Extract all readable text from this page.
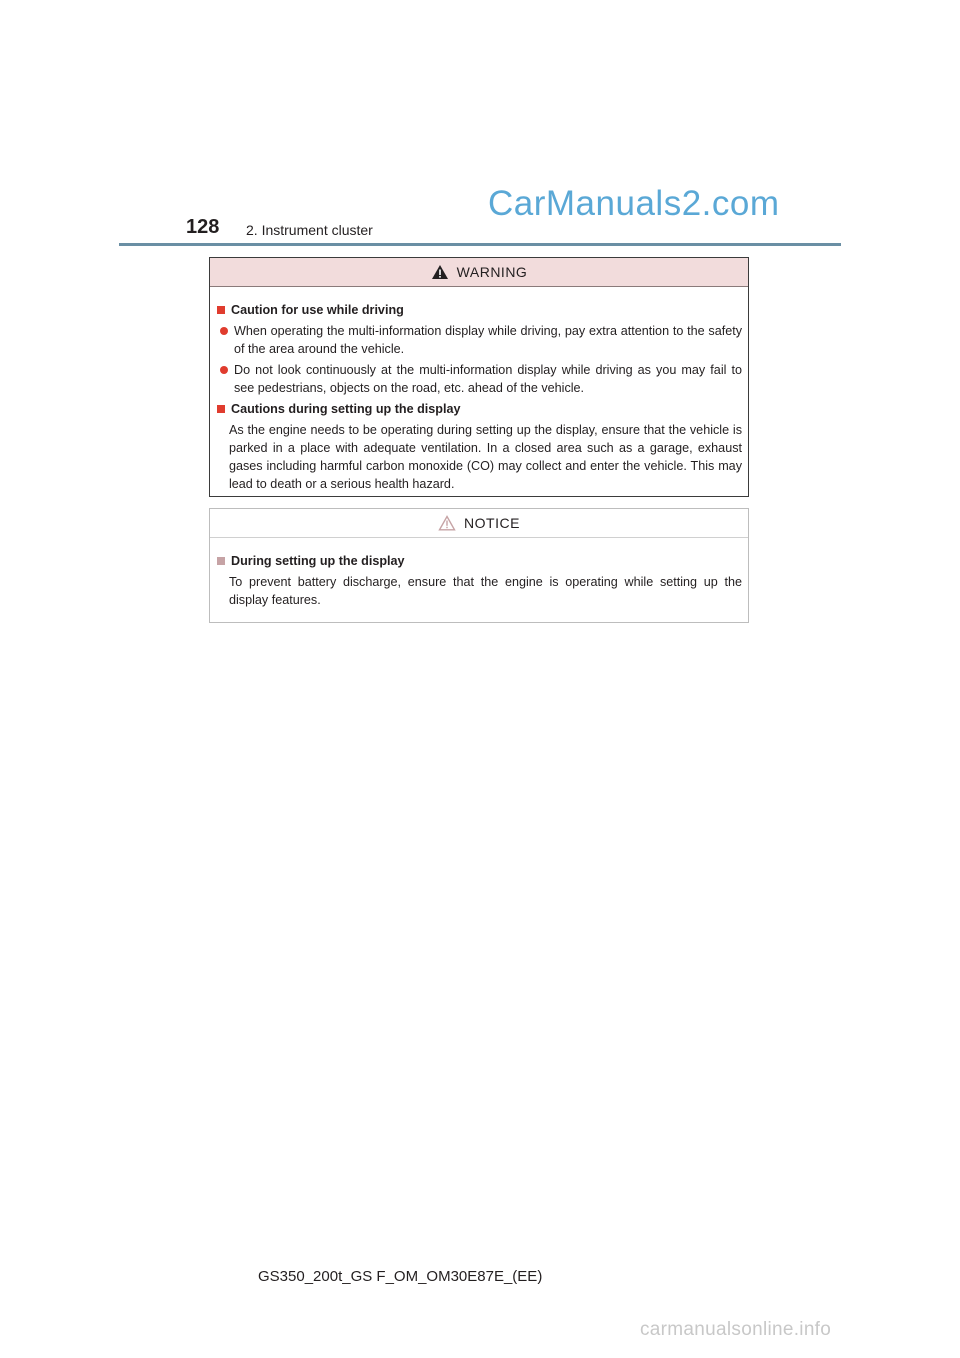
CarManuals2.com
128 2. Instrument cluster
WARNING
Caution for use while driving
When operating the multi-information display while driving, pay extra attention to the safety of the area around the vehicle.
Do not look continuously at the multi-information display while driving as you may fail to see pedestrians, objects on the road, etc. ahead of the vehicle.
Cautions during setting up the display
As the engine needs to be operating during setting up the display, ensure that the vehicle is parked in a place with adequate ventilation. In a closed area such as a garage, exhaust gases including harmful carbon monoxide (CO) may collect and enter the vehicle. This may lead to death or a serious health hazard.
NOTICE
During setting up the display
To prevent battery discharge, ensure that the engine is operating while setting up the display features.
GS350_200t_GS F_OM_OM30E87E_(EE)
carmanualsonline.info
